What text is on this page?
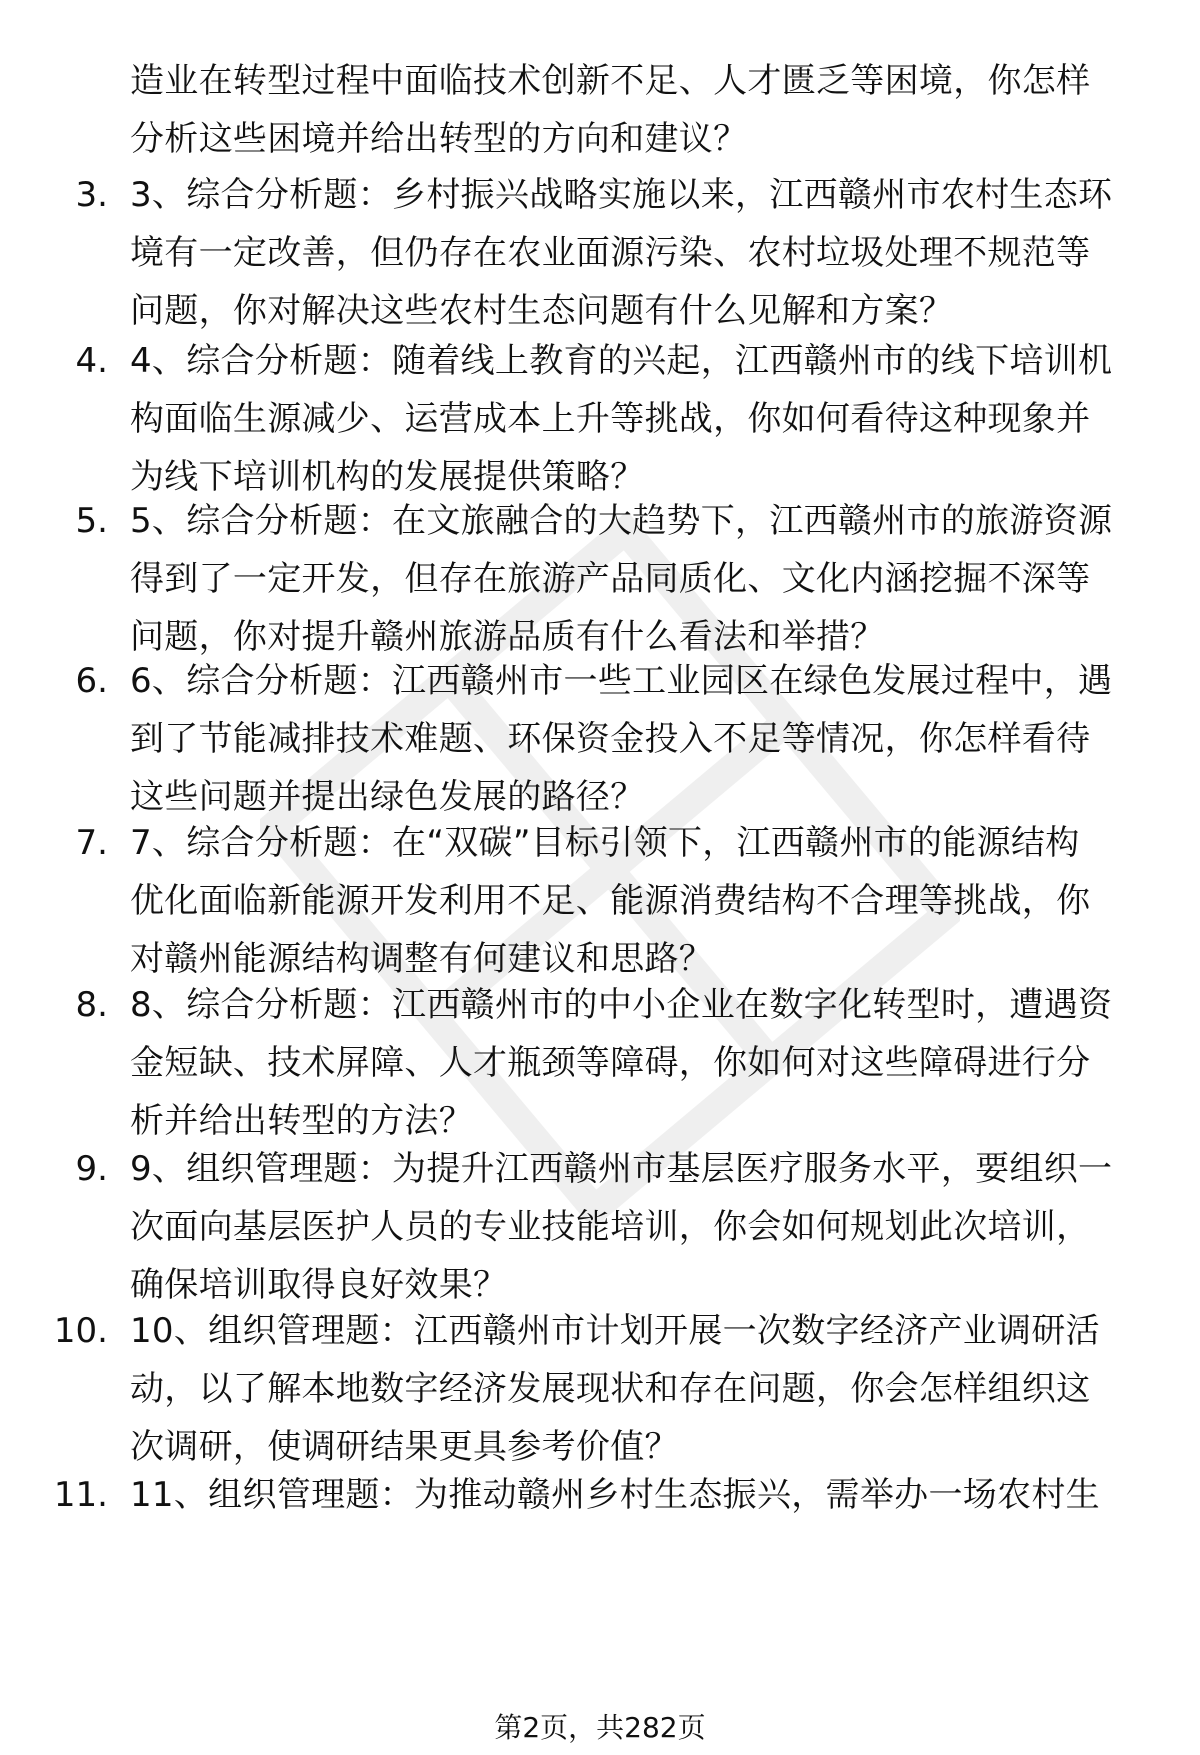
造业在转型过程中面临技术创新不足、人才匮乏等困境，你怎样
分析这些困境并给出转型的方向和建议？
3. 3、综合分析题：乡村振兴战略实施以来，江西赣州市农村生态环
境有一定改善，但仍存在农业面源污染、农村垃圾处理不规范等
问题，你对解决这些农村生态问题有什么见解和方案？
4. 4、综合分析题：随着线上教育的兴起，江西赣州市的线下培训机
构面临生源减少、运营成本上升等挑战，你如何看待这种现象并
为线下培训机构的发展提供策略？
5. 5、综合分析题：在文旅融合的大趋势下，江西赣州市的旅游资源
得到了一定开发，但存在旅游产品同质化、文化内涵挖掘不深等
问题，你对提升赣州旅游品质有什么看法和举措？
6. 6、综合分析题：江西赣州市一些工业园区在绿色发展过程中，遇
到了节能减排技术难题、环保资金投入不足等情况，你怎样看待
这些问题并提出绿色发展的路径？
7. 7、综合分析题：在“双碳”目标引领下，江西赣州市的能源结构
优化面临新能源开发利用不足、能源消费结构不合理等挑战，你
对赣州能源结构调整有何建议和思路？
8. 8、综合分析题：江西赣州市的中小企业在数字化转型时，遭遇资
金短缺、技术屏障、人才瓶颈等障碍，你如何对这些障碍进行分
析并给出转型的方法？
9. 9、组织管理题：为提升江西赣州市基层医疗服务水平，要组织一
次面向基层医护人员的专业技能培训，你会如何规划此次培训，
确保培训取得良好效果？
10. 10、组织管理题：江西赣州市计划开展一次数字经济产业调研活
动，以了解本地数字经济发展现状和存在问题，你会怎样组织这
次调研，使调研结果更具参考价值？
11. 11、组织管理题：为推动赣州乡村生态振兴，需举办一场农村生
第2页，共282页
